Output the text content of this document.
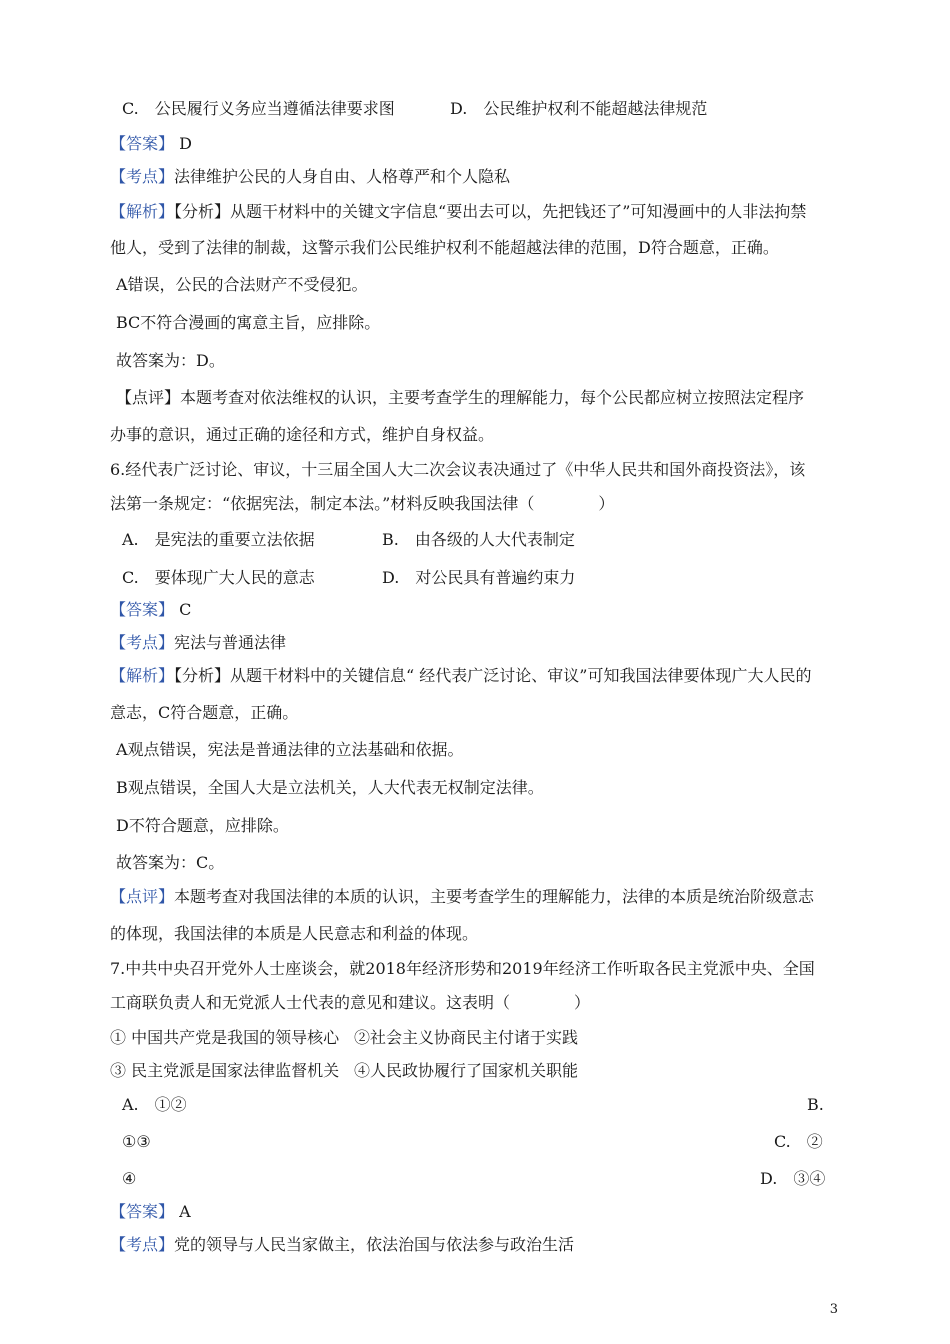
C.　公民履行义务应当遵循法律要求图	D.　公民维护权利不能超越法律规范
【答案】 D
【考点】法律维护公民的人身自由、人格尊严和个人隐私
【解析】【分析】从题干材料中的关键文字信息“要出去可以，先把钱还了”可知漫画中的人非法拘禁
他人，受到了法律的制裁，这警示我们公民维护权利不能超越法律的范围，D符合题意，正确。
A错误，公民的合法财产不受侵犯。
BC不符合漫画的寓意主旨，应排除。
故答案为：D。
【点评】本题考查对依法维权的认识，主要考查学生的理解能力，每个公民都应树立按照法定程序
办事的意识，通过正确的途径和方式，维护自身权益。
6.经代表广泛讨论、审议，十三届全国人大二次会议表决通过了《中华人民共和国外商投资法》，该
法第一条规定：“依据宪法，制定本法。”材料反映我国法律（　　　　）
A.　是宪法的重要立法依据	B.　由各级的人大代表制定
C.　要体现广大人民的意志	D.　对公民具有普遍约束力
【答案】 C
【考点】宪法与普通法律
【解析】【分析】从题干材料中的关键信息“ 经代表广泛讨论、审议”可知我国法律要体现广大人民的
意志，C符合题意，正确。
A观点错误，宪法是普通法律的立法基础和依据。
B观点错误，全国人大是立法机关，人大代表无权制定法律。
D不符合题意，应排除。
故答案为：C。
【点评】本题考查对我国法律的本质的认识，主要考查学生的理解能力，法律的本质是统治阶级意志
的体现，我国法律的本质是人民意志和利益的体现。
7.中共中央召开党外人士座谈会，就2018年经济形势和2019年经济工作听取各民主党派中央、全国
工商联负责人和无党派人士代表的意见和建议。这表明（　　　　）
① 中国共产党是我国的领导核心 ②社会主义协商民主付诸于实践
③ 民主党派是国家法律监督机关 ④人民政协履行了国家机关职能
A.　①②	B.
①③	C.　②
④	D.　③④
【答案】 A
【考点】党的领导与人民当家做主，依法治国与依法参与政治生活
3
